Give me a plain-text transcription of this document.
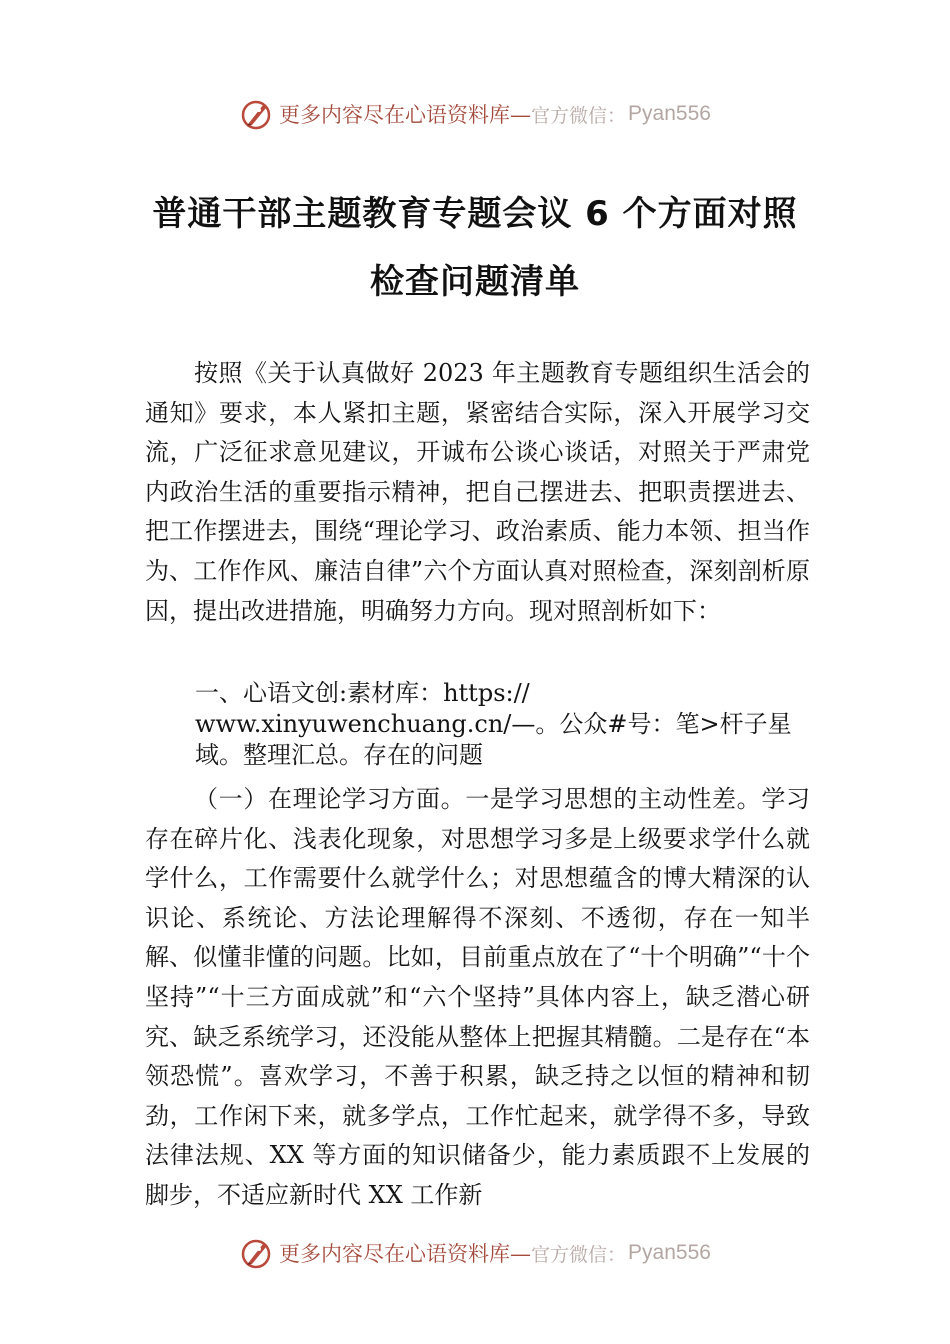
更多内容尽在心语资料库— 官方微信： Pyan556
普通干部主题教育专题会议 6 个方面对照
检查问题清单

按照《关于认真做好 2023 年主题教育专题组织生活会的通知》要求，本人紧扣主题，紧密结合实际，深入开展学习交流，广泛征求意见建议，开诚布公谈心谈话，对照关于严肃党内政治生活的重要指示精神，把自己摆进去、把职责摆进去、把工作摆进去，围绕“理论学习、政治素质、能力本领、担当作为、工作作风、廉洁自律”六个方面认真对照检查，深刻剖析原因，提出改进措施，明确努力方向。现对照剖析如下：

一、心语文创:素材库：https:// www.xinyuwenchuang.cn/—。公众#号：笔>杆子星域。整理汇总。存在的问题

（一）在理论学习方面。一是学习思想的主动性差。学习存在碎片化、浅表化现象，对思想学习多是上级要求学什么就学什么，工作需要什么就学什么；对思想蕴含的博大精深的认识论、系统论、方法论理解得不深刻、不透彻，存在一知半解、似懂非懂的问题。比如，目前重点放在了“十个明确”“十个坚持”“十三方面成就”和“六个坚持”具体内容上，缺乏潜心研究、缺乏系统学习，还没能从整体上把握其精髓。二是存在“本领恐慌”。喜欢学习，不善于积累，缺乏持之以恒的精神和韧劲，工作闲下来，就多学点，工作忙起来，就学得不多，导致法律法规、XX 等方面的知识储备少，能力素质跟不上发展的脚步，不适应新时代 XX 工作新

更多内容尽在心语资料库— 官方微信： Pyan556
